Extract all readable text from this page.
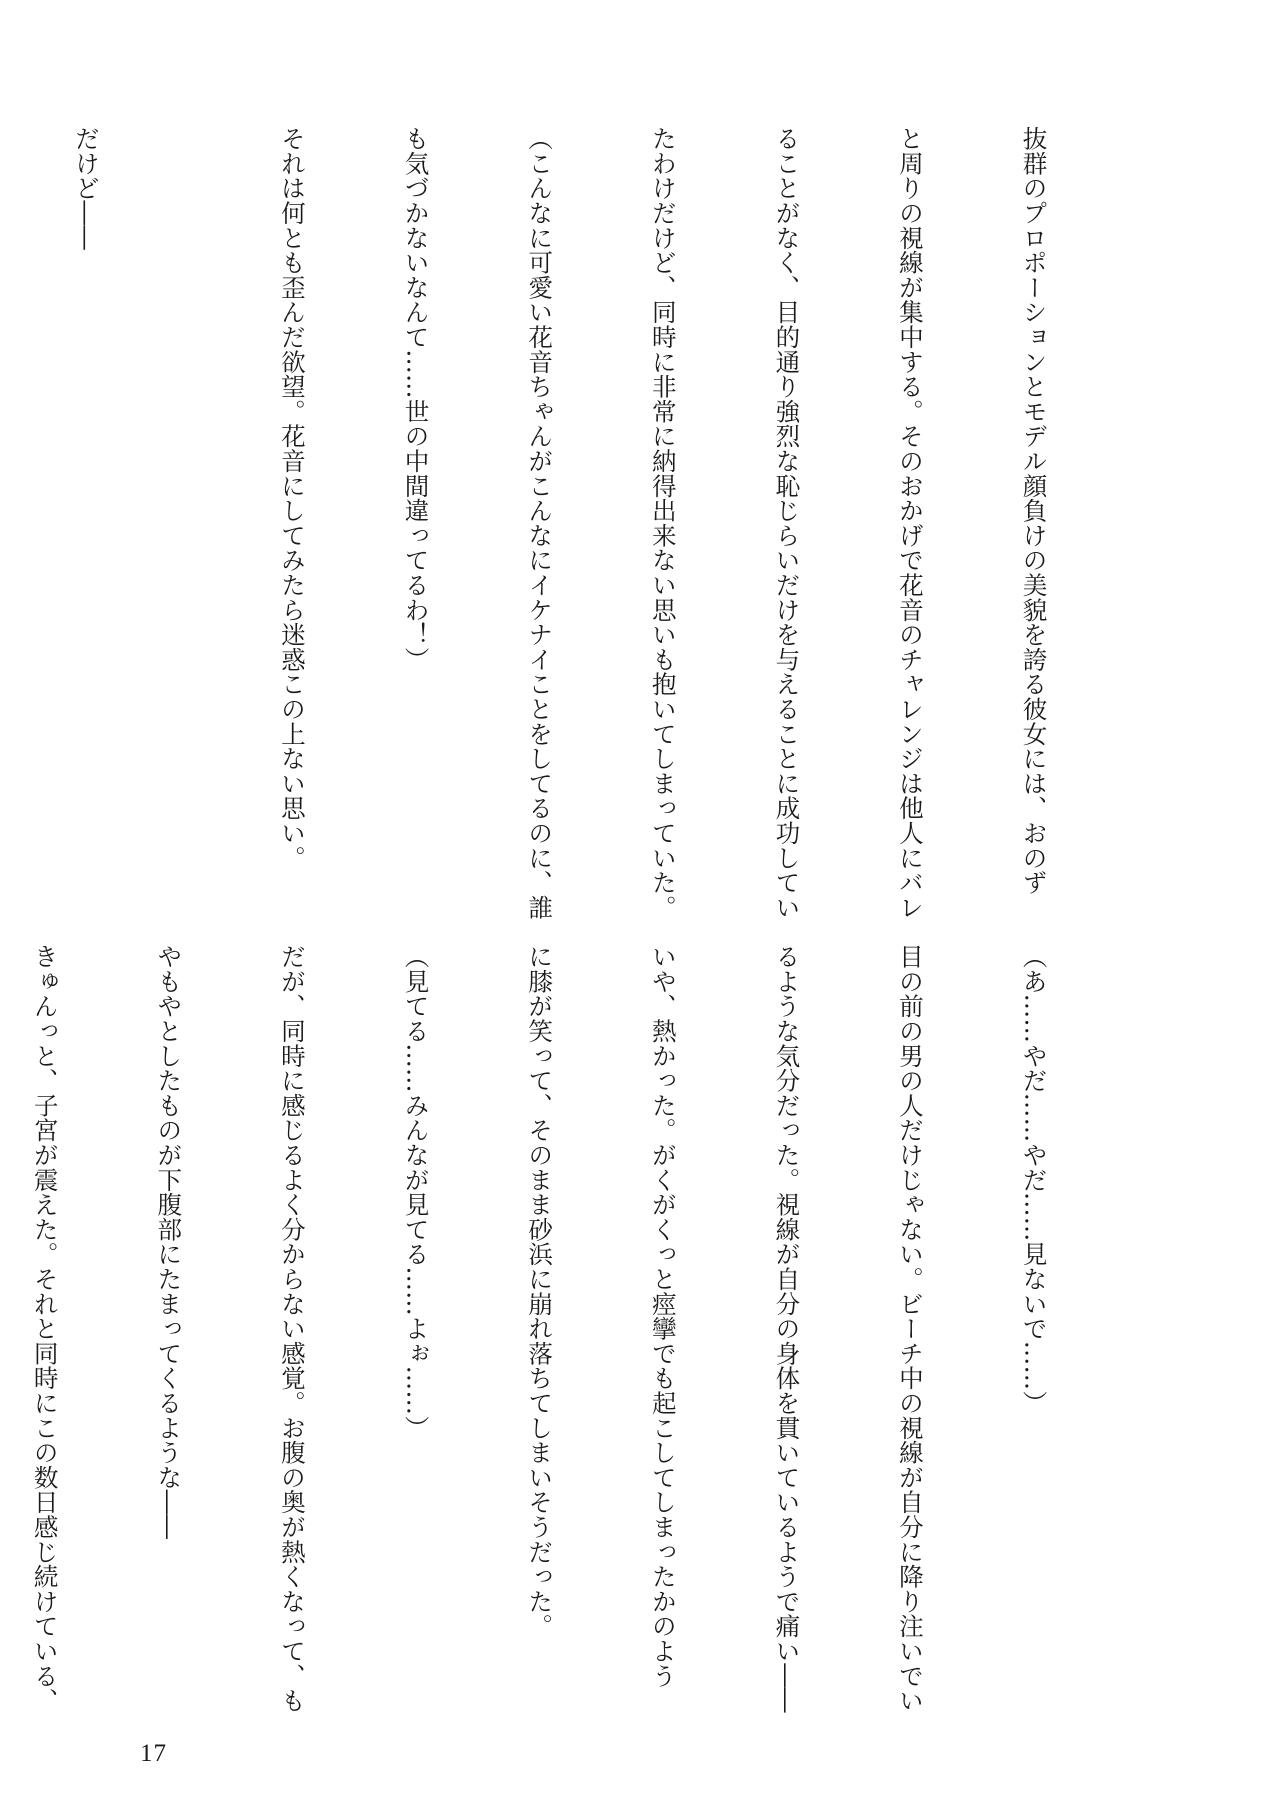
抜群のプロポーションとモデル顔負けの美貌を誇る彼女には、おのず

と周りの視線が集中する。そのおかげで花音のチャレンジは他人にバレ

ることがなく、目的通り強烈な恥じらいだけを与えることに成功してい

たわけだけど、同時に非常に納得出来ない思いも抱いてしまっていた。

（こんなに可愛い花音ちゃんがこんなにイケナイことをしてるのに、誰

も気づかないなんて……世の中間違ってるわ！）

それは何とも歪んだ欲望。花音にしてみたら迷惑この上ない思い。

だけど――

（あ……やだ……やだ……見ないで……）

目の前の男の人だけじゃない。ビーチ中の視線が自分に降り注いでい

るような気分だった。視線が自分の身体を貫いているようで痛い――

いや、熱かった。がくがくっと痙攣でも起こしてしまったかのよう

に膝が笑って、そのまま砂浜に崩れ落ちてしまいそうだった。

（見てる……みんなが見てる……よぉ……）

だが、同時に感じるよく分からない感覚。お腹の奥が熱くなって、も

やもやとしたものが下腹部にたまってくるような――

きゅんっと、子宮が震えた。それと同時にこの数日感じ続けている、

17
